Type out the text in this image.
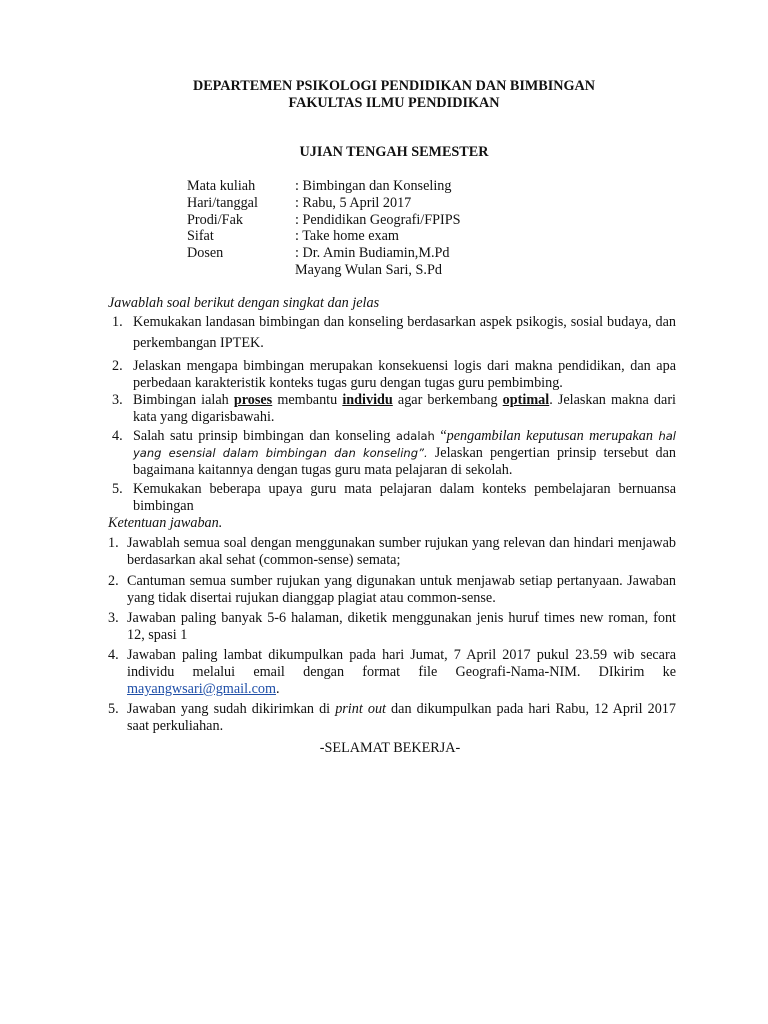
DEPARTEMEN PSIKOLOGI PENDIDIKAN DAN BIMBINGAN
FAKULTAS ILMU PENDIDIKAN
UJIAN TENGAH SEMESTER
Mata kuliah	: Bimbingan dan Konseling
Hari/tanggal	: Rabu, 5 April 2017
Prodi/Fak	: Pendidikan Geografi/FPIPS
Sifat	: Take home exam
Dosen	: Dr. Amin Budiamin,M.Pd
Mayang Wulan Sari, S.Pd
Jawablah soal berikut dengan singkat dan jelas
1. Kemukakan landasan bimbingan dan konseling berdasarkan aspek psikogis, sosial budaya, dan perkembangan IPTEK.
2. Jelaskan mengapa bimbingan merupakan konsekuensi logis dari makna pendidikan, dan apa perbedaan karakteristik konteks tugas guru dengan tugas guru pembimbing.
3. Bimbingan ialah proses membantu individu agar berkembang optimal. Jelaskan makna dari kata yang digarisbawahi.
4. Salah satu prinsip bimbingan dan konseling adalah “pengambilan keputusan merupakan hal yang esensial dalam bimbingan dan konseling”. Jelaskan pengertian prinsip tersebut dan bagaimana kaitannya dengan tugas guru mata pelajaran di sekolah.
5. Kemukakan beberapa upaya guru mata pelajaran dalam konteks pembelajaran bernuansa bimbingan
Ketentuan jawaban.
1. Jawablah semua soal dengan menggunakan sumber rujukan yang relevan dan hindari menjawab berdasarkan akal sehat (common-sense) semata;
2. Cantuman semua sumber rujukan yang digunakan untuk menjawab setiap pertanyaan. Jawaban yang tidak disertai rujukan dianggap plagiat atau common-sense.
3. Jawaban paling banyak 5-6 halaman, diketik menggunakan jenis huruf times new roman, font 12, spasi 1
4. Jawaban paling lambat dikumpulkan pada hari Jumat, 7 April 2017 pukul 23.59 wib secara individu melalui email dengan format file Geografi-Nama-NIM. DIkirim ke mayangwsari@gmail.com.
5. Jawaban yang sudah dikirimkan di print out dan dikumpulkan pada hari Rabu, 12 April 2017 saat perkuliahan.
-SELAMAT BEKERJA-
